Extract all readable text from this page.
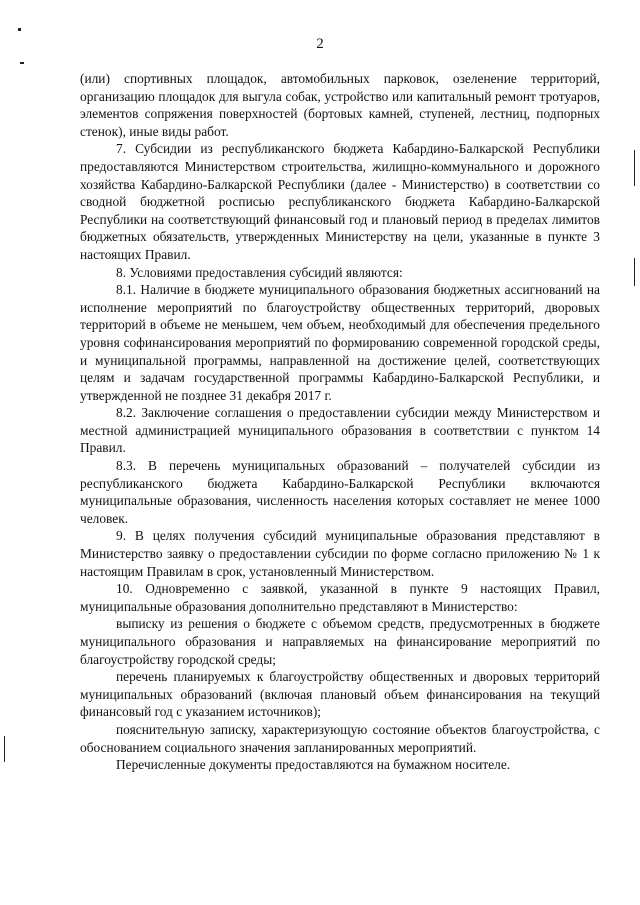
2

(или) спортивных площадок, автомобильных парковок, озеленение территорий, организацию площадок для выгула собак, устройство или капитальный ремонт тротуаров, элементов сопряжения поверхностей (бортовых камней, ступеней, лестниц, подпорных стенок), иные виды работ.

7. Субсидии из республиканского бюджета Кабардино-Балкарской Республики предоставляются Министерством строительства, жилищно-коммунального и дорожного хозяйства Кабардино-Балкарской Республики (далее - Министерство) в соответствии со сводной бюджетной росписью республиканского бюджета Кабардино-Балкарской Республики на соответствующий финансовый год и плановый период в пределах лимитов бюджетных обязательств, утвержденных Министерству на цели, указанные в пункте 3 настоящих Правил.

8. Условиями предоставления субсидий являются:

8.1. Наличие в бюджете муниципального образования бюджетных ассигнований на исполнение мероприятий по благоустройству общественных территорий, дворовых территорий в объеме не меньшем, чем объем, необходимый для обеспечения предельного уровня софинансирования мероприятий по формированию современной городской среды, и муниципальной программы, направленной на достижение целей, соответствующих целям и задачам государственной программы Кабардино-Балкарской Республики, и утвержденной не позднее 31 декабря 2017 г.

8.2. Заключение соглашения о предоставлении субсидии между Министерством и местной администрацией муниципального образования в соответствии с пунктом 14 Правил.

8.3. В перечень муниципальных образований – получателей субсидии из республиканского бюджета Кабардино-Балкарской Республики включаются муниципальные образования, численность населения которых составляет не менее 1000 человек.

9. В целях получения субсидий муниципальные образования представляют в Министерство заявку о предоставлении субсидии по форме согласно приложению № 1 к настоящим Правилам в срок, установленный Министерством.

10. Одновременно с заявкой, указанной в пункте 9 настоящих Правил, муниципальные образования дополнительно представляют в Министерство:

выписку из решения о бюджете с объемом средств, предусмотренных в бюджете муниципального образования и направляемых на финансирование мероприятий по благоустройству городской среды;

перечень планируемых к благоустройству общественных и дворовых территорий муниципальных образований (включая плановый объем финансирования на текущий финансовый год с указанием источников);

пояснительную записку, характеризующую состояние объектов благоустройства, с обоснованием социального значения запланированных мероприятий.

Перечисленные документы предоставляются на бумажном носителе.
